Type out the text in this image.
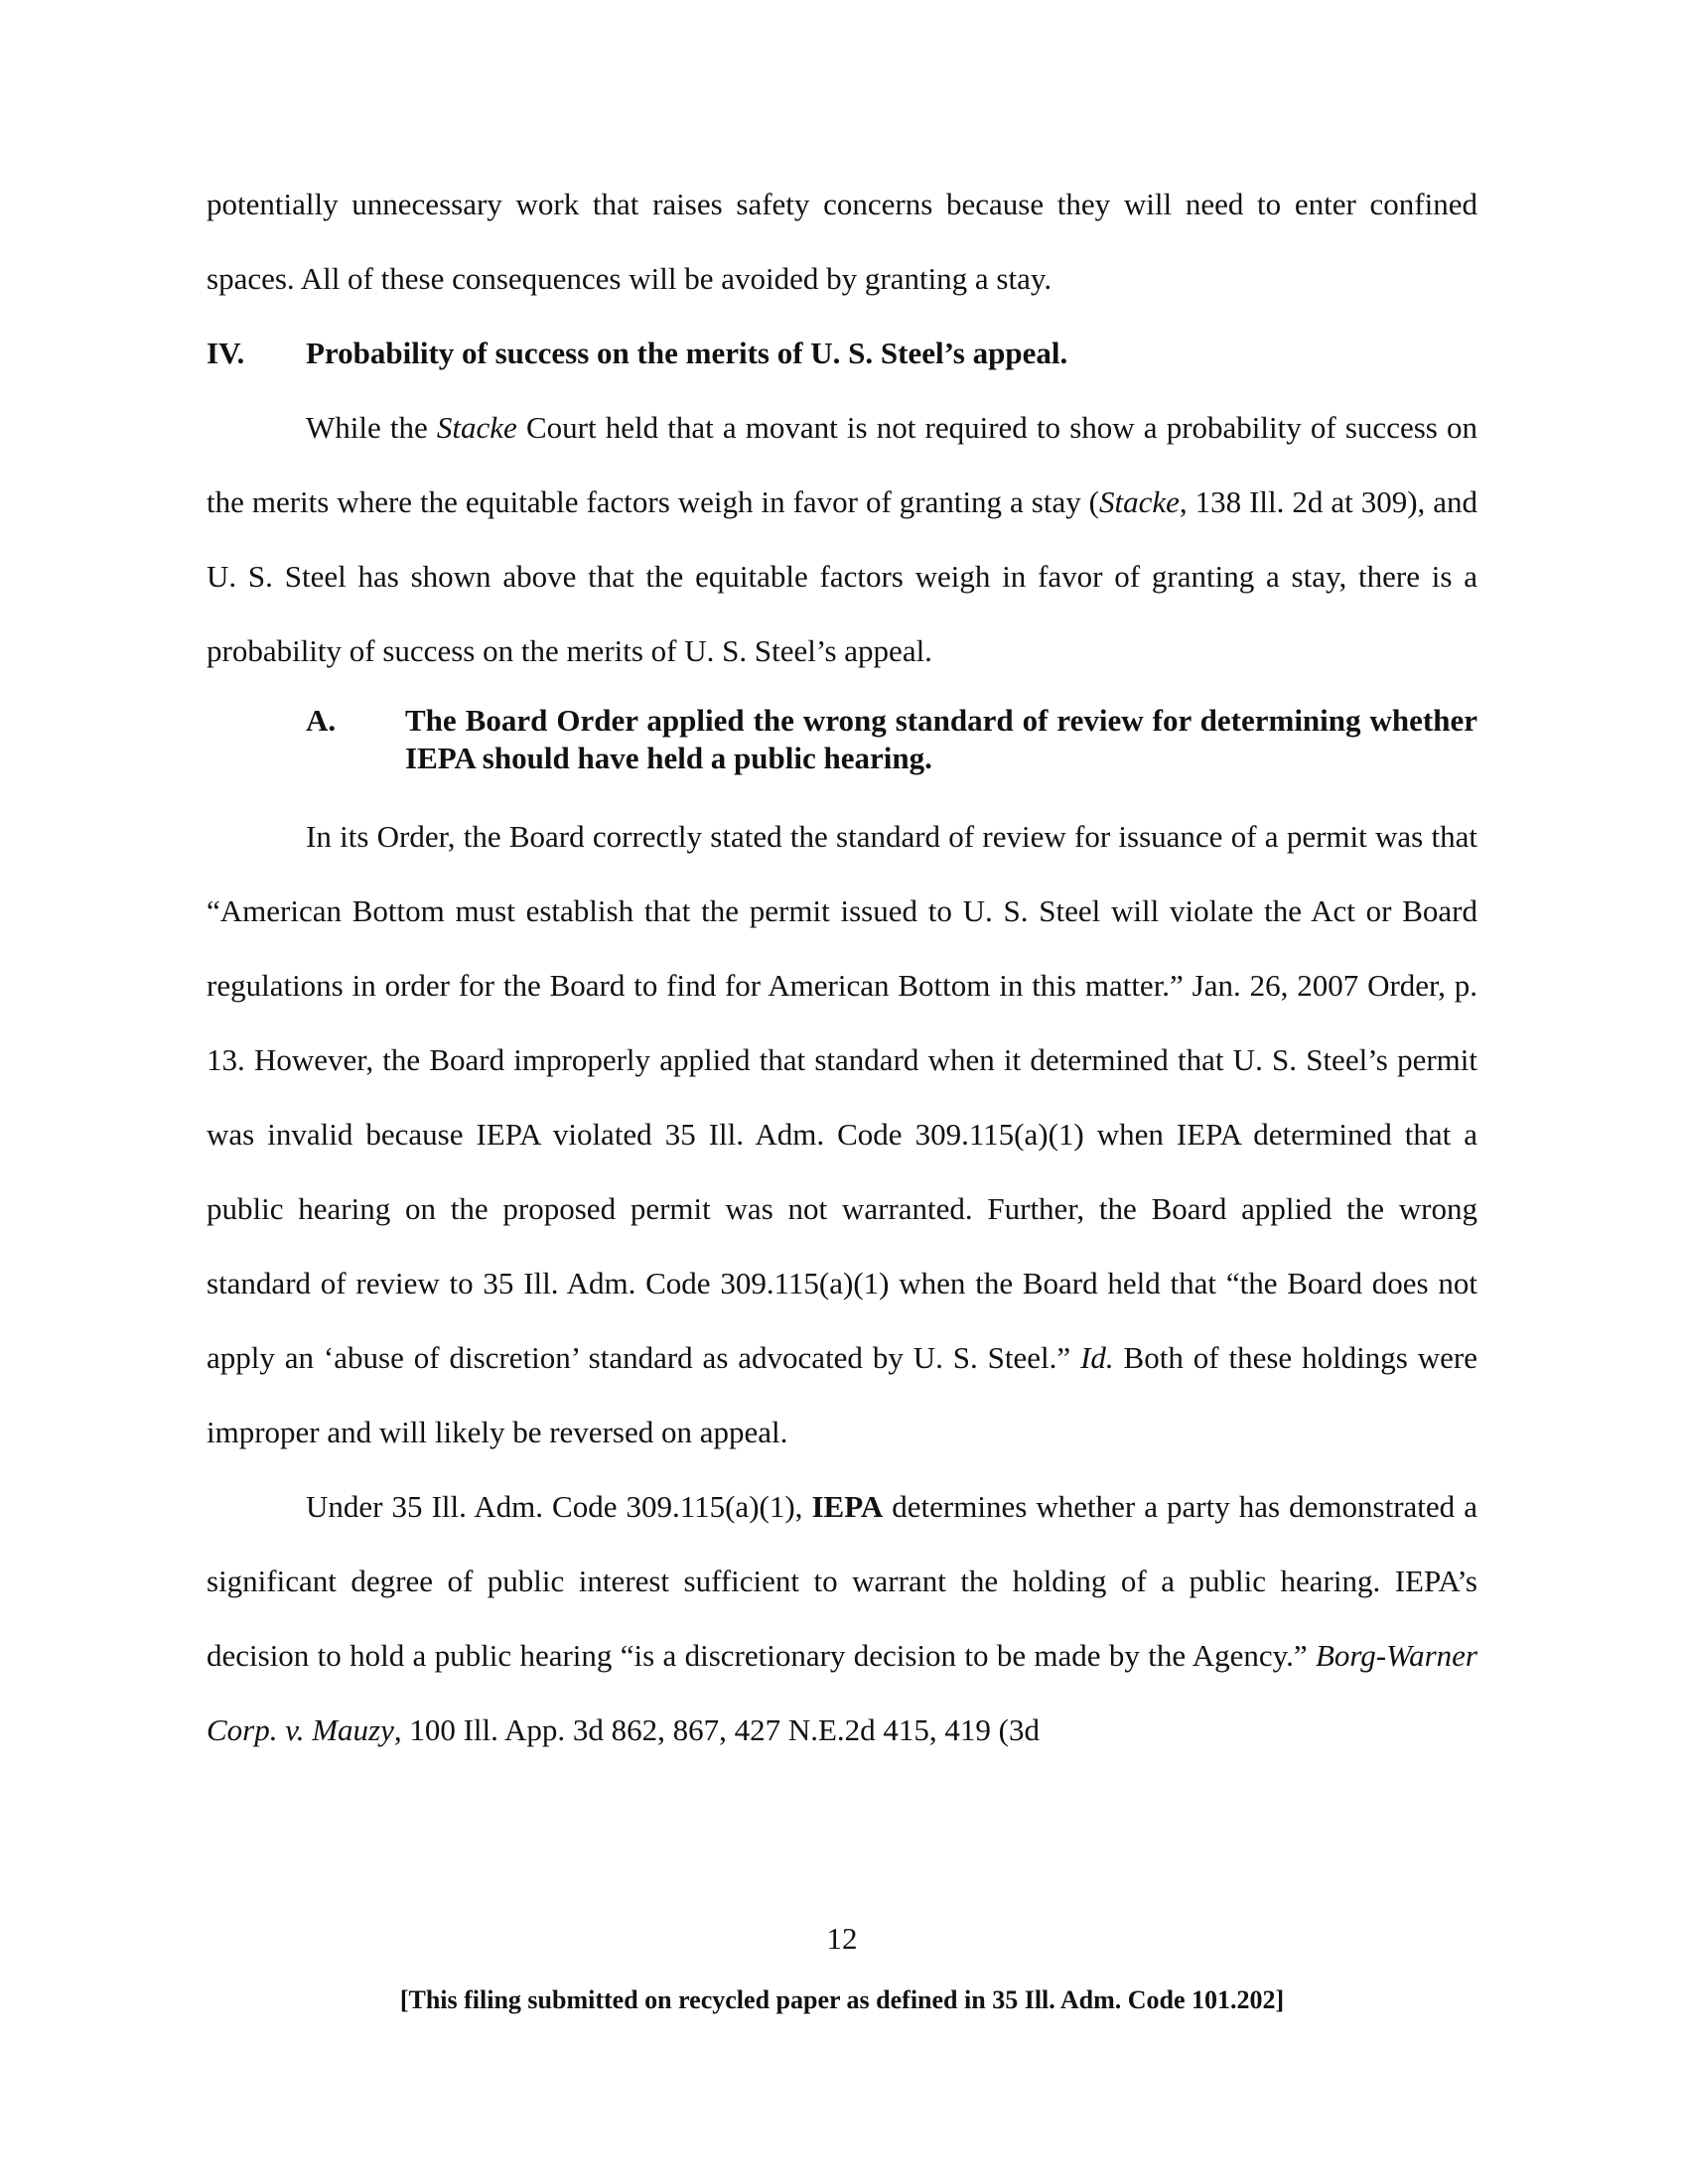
potentially unnecessary work that raises safety concerns because they will need to enter confined spaces. All of these consequences will be avoided by granting a stay.

IV.	Probability of success on the merits of U. S. Steel’s appeal.

While the Stacke Court held that a movant is not required to show a probability of success on the merits where the equitable factors weigh in favor of granting a stay (Stacke, 138 Ill. 2d at 309), and U. S. Steel has shown above that the equitable factors weigh in favor of granting a stay, there is a probability of success on the merits of U. S. Steel’s appeal.

A.	The Board Order applied the wrong standard of review for determining whether IEPA should have held a public hearing.

In its Order, the Board correctly stated the standard of review for issuance of a permit was that “American Bottom must establish that the permit issued to U. S. Steel will violate the Act or Board regulations in order for the Board to find for American Bottom in this matter.” Jan. 26, 2007 Order, p. 13. However, the Board improperly applied that standard when it determined that U. S. Steel’s permit was invalid because IEPA violated 35 Ill. Adm. Code 309.115(a)(1) when IEPA determined that a public hearing on the proposed permit was not warranted. Further, the Board applied the wrong standard of review to 35 Ill. Adm. Code 309.115(a)(1) when the Board held that “the Board does not apply an ‘abuse of discretion’ standard as advocated by U. S. Steel.” Id. Both of these holdings were improper and will likely be reversed on appeal.

Under 35 Ill. Adm. Code 309.115(a)(1), IEPA determines whether a party has demonstrated a significant degree of public interest sufficient to warrant the holding of a public hearing. IEPA’s decision to hold a public hearing “is a discretionary decision to be made by the Agency.” Borg-Warner Corp. v. Mauzy, 100 Ill. App. 3d 862, 867, 427 N.E.2d 415, 419 (3d

12
[This filing submitted on recycled paper as defined in 35 Ill. Adm. Code 101.202]
